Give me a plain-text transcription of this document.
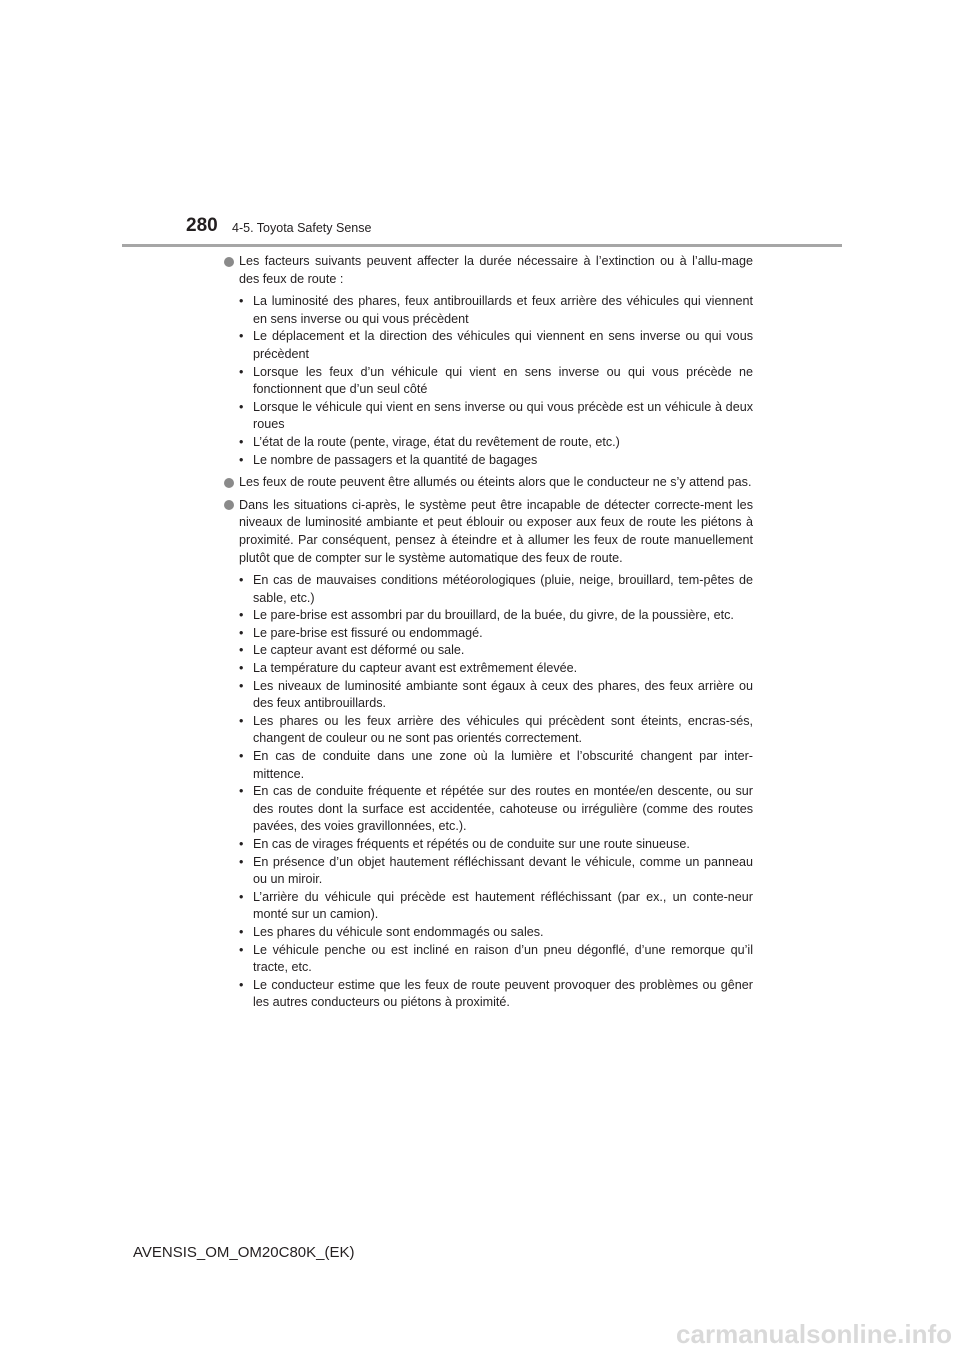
280 4-5. Toyota Safety Sense
Les facteurs suivants peuvent affecter la durée nécessaire à l’extinction ou à l’allu-mage des feux de route :
• La luminosité des phares, feux antibrouillards et feux arrière des véhicules qui viennent en sens inverse ou qui vous précèdent
• Le déplacement et la direction des véhicules qui viennent en sens inverse ou qui vous précèdent
• Lorsque les feux d’un véhicule qui vient en sens inverse ou qui vous précède ne fonctionnent que d’un seul côté
• Lorsque le véhicule qui vient en sens inverse ou qui vous précède est un véhicule à deux roues
• L’état de la route (pente, virage, état du revêtement de route, etc.)
• Le nombre de passagers et la quantité de bagages
Les feux de route peuvent être allumés ou éteints alors que le conducteur ne s’y attend pas.
Dans les situations ci-après, le système peut être incapable de détecter correcte-ment les niveaux de luminosité ambiante et peut éblouir ou exposer aux feux de route les piétons à proximité. Par conséquent, pensez à éteindre et à allumer les feux de route manuellement plutôt que de compter sur le système automatique des feux de route.
• En cas de mauvaises conditions météorologiques (pluie, neige, brouillard, tem-pêtes de sable, etc.)
• Le pare-brise est assombri par du brouillard, de la buée, du givre, de la poussière, etc.
• Le pare-brise est fissuré ou endommagé.
• Le capteur avant est déformé ou sale.
• La température du capteur avant est extrêmement élevée.
• Les niveaux de luminosité ambiante sont égaux à ceux des phares, des feux arrière ou des feux antibrouillards.
• Les phares ou les feux arrière des véhicules qui précèdent sont éteints, encras-sés, changent de couleur ou ne sont pas orientés correctement.
• En cas de conduite dans une zone où la lumière et l’obscurité changent par inter-mittence.
• En cas de conduite fréquente et répétée sur des routes en montée/en descente, ou sur des routes dont la surface est accidentée, cahoteuse ou irrégulière (comme des routes pavées, des voies gravillonnées, etc.).
• En cas de virages fréquents et répétés ou de conduite sur une route sinueuse.
• En présence d’un objet hautement réfléchissant devant le véhicule, comme un panneau ou un miroir.
• L’arrière du véhicule qui précède est hautement réfléchissant (par ex., un conte-neur monté sur un camion).
• Les phares du véhicule sont endommagés ou sales.
• Le véhicule penche ou est incliné en raison d’un pneu dégonflé, d’une remorque qu’il tracte, etc.
• Le conducteur estime que les feux de route peuvent provoquer des problèmes ou gêner les autres conducteurs ou piétons à proximité.
AVENSIS_OM_OM20C80K_(EK)
carmanualsonline.info
